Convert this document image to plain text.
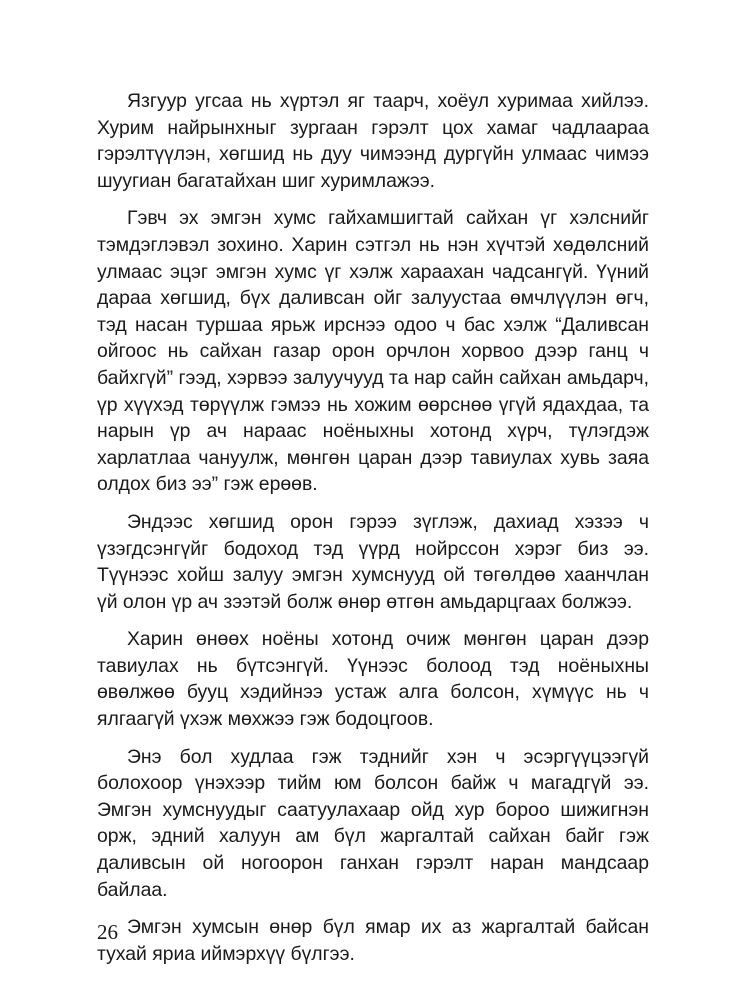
Язгуур угсаа нь хүртэл яг таарч, хоёул хуримаа хийлээ. Хурим найрынхныг зургаан гэрэлт цох хамаг чадлаараа гэрэлтүүлэн, хөгшид нь дуу чимээнд дургүйн улмаас чимээ шуугиан багатайхан шиг хуримлажээ.

Гэвч эх эмгэн хумс гайхамшигтай сайхан үг хэлснийг тэмдэглэвэл зохино. Харин сэтгэл нь нэн хүчтэй хөдөлсний улмаас эцэг эмгэн хумс үг хэлж хараахан чадсангүй. Үүний дараа хөгшид, бүх даливсан ойг залуустаа өмчлүүлэн өгч, тэд насан туршаа ярьж ирснээ одоо ч бас хэлж “Даливсан ойгоос нь сайхан газар орон орчлон хорвоо дээр ганц ч байхгүй” гээд, хэрвээ залуучууд та нар сайн сайхан амьдарч, үр хүүхэд төрүүлж гэмээ нь хожим өөрснөө үгүй ядахдаа, та нарын үр ач нараас ноёныхны хотонд хүрч, түлэгдэж харлатлаа чануулж, мөнгөн царан дээр тавиулах хувь заяа олдох биз ээ” гэж ерөөв.

Эндээс хөгшид орон гэрээ зүглэж, дахиад хэзээ ч үзэгдсэнгүйг бодоход тэд үүрд нойрссон хэрэг биз ээ. Түүнээс хойш залуу эмгэн хумснууд ой төгөлдөө хаанчлан үй олон үр ач зээтэй болж өнөр өтгөн амьдарцгаах болжээ.

Харин өнөөх ноёны хотонд очиж мөнгөн царан дээр тавиулах нь бүтсэнгүй. Үүнээс болоод тэд ноёныхны өвөлжөө бууц хэдийнээ устаж алга болсон, хүмүүс нь ч ялгаагүй үхэж мөхжээ гэж бодоцгоов.

Энэ бол худлаа гэж тэднийг хэн ч эсэргүүцээгүй болохоор үнэхээр тийм юм болсон байж ч магадгүй ээ. Эмгэн хумснуудыг саатуулахаар ойд хур бороо шижигнэн орж, эдний халуун ам бүл жаргалтай сайхан байг гэж даливсын ой ногоорон ганхан гэрэлт наран мандсаар байлаа.

Эмгэн хумсын өнөр бүл ямар их аз жаргалтай байсан тухай яриа иймэрхүү бүлгээ.

26
